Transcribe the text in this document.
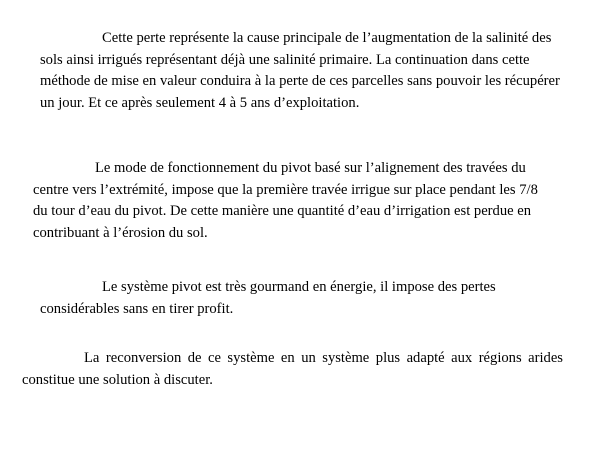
Cette perte représente la cause principale de l’augmentation de la salinité des sols ainsi irrigués représentant déjà une salinité primaire. La continuation dans cette méthode de mise en valeur conduira à la perte de ces parcelles sans pouvoir les récupérer un jour. Et ce après seulement 4 à 5 ans d’exploitation.

Le mode de fonctionnement du pivot basé sur l’alignement des travées du centre vers l’extrémité, impose que la première travée irrigue sur place pendant les 7/8 du tour d’eau du pivot. De cette manière une quantité d’eau d’irrigation est perdue en contribuant à l’érosion du sol.

Le système pivot est très gourmand en énergie, il impose des pertes considérables sans en tirer profit.

La reconversion de ce système en un système plus adapté aux régions arides constitue une solution à discuter.
